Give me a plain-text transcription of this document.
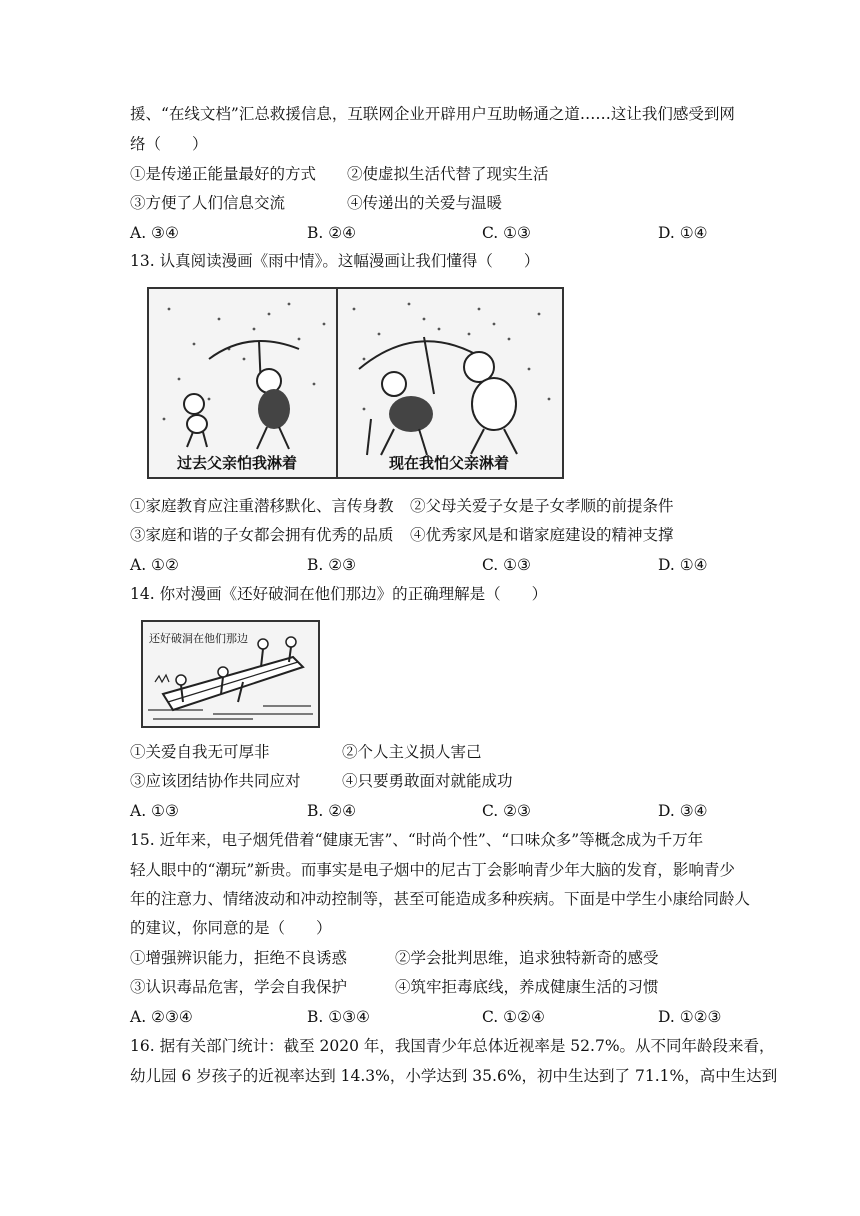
援、“在线文档”汇总救援信息，互联网企业开辟用户互助畅通之道……这让我们感受到网
络（　　）
①是传递正能量最好的方式 ②使虚拟生活代替了现实生活
③方便了人们信息交流	④传递出的关爱与温暖
A. ③④	B. ②④	C. ①③	D. ①④
13. 认真阅读漫画《雨中情》。这幅漫画让我们懂得（　　）
过去父亲怕我淋着	现在我怕父亲淋着
①家庭教育应注重潜移默化、言传身教 ②父母关爱子女是子女孝顺的前提条件
③家庭和谐的子女都会拥有优秀的品质 ④优秀家风是和谐家庭建设的精神支撑
A. ①②	B. ②③	C. ①③	D. ①④
14. 你对漫画《还好破洞在他们那边》的正确理解是（　　）
还好破洞在他们那边
①关爱自我无可厚非	②个人主义损人害己
③应该团结协作共同应对	④只要勇敢面对就能成功
A. ①③	B. ②④	C. ②③	D. ③④
15. 近年来，电子烟凭借着“健康无害”、“时尚个性”、“口味众多”等概念成为千万年
轻人眼中的“潮玩”新贵。而事实是电子烟中的尼古丁会影响青少年大脑的发育，影响青少
年的注意力、情绪波动和冲动控制等，甚至可能造成多种疾病。下面是中学生小康给同龄人
的建议，你同意的是（　　）
①增强辨识能力，拒绝不良诱惑	②学会批判思维，追求独特新奇的感受
③认识毒品危害，学会自我保护	④筑牢拒毒底线，养成健康生活的习惯
A. ②③④	B. ①③④	C. ①②④	D. ①②③
16. 据有关部门统计：截至 2020 年，我国青少年总体近视率是 52.7%。从不同年龄段来看，
幼儿园 6 岁孩子的近视率达到 14.3%，小学达到 35.6%，初中生达到了 71.1%，高中生达到
